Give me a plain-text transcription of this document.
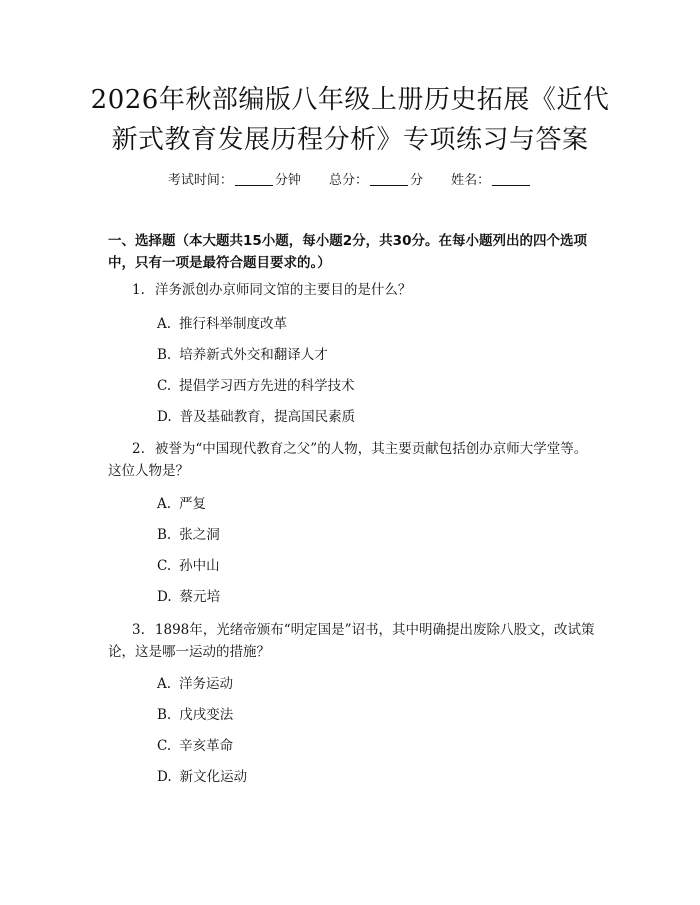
2026年秋部编版八年级上册历史拓展《近代
新式教育发展历程分析》专项练习与答案
考试时间：	分钟 总分：	分 姓名：
一、选择题（本大题共15小题，每小题2分，共30分。在每小题列出的四个选项中，只有一项是最符合题目要求的。）
1. 洋务派创办京师同文馆的主要目的是什么？
A. 推行科举制度改革
B. 培养新式外交和翻译人才
C. 提倡学习西方先进的科学技术
D. 普及基础教育，提高国民素质
2. 被誉为“中国现代教育之父”的人物，其主要贡献包括创办京师大学堂等。这位人物是？
A. 严复
B. 张之洞
C. 孙中山
D. 蔡元培
3. 1898年，光绪帝颁布“明定国是”诏书，其中明确提出废除八股文，改试策论，这是哪一运动的措施？
A. 洋务运动
B. 戊戌变法
C. 辛亥革命
D. 新文化运动
